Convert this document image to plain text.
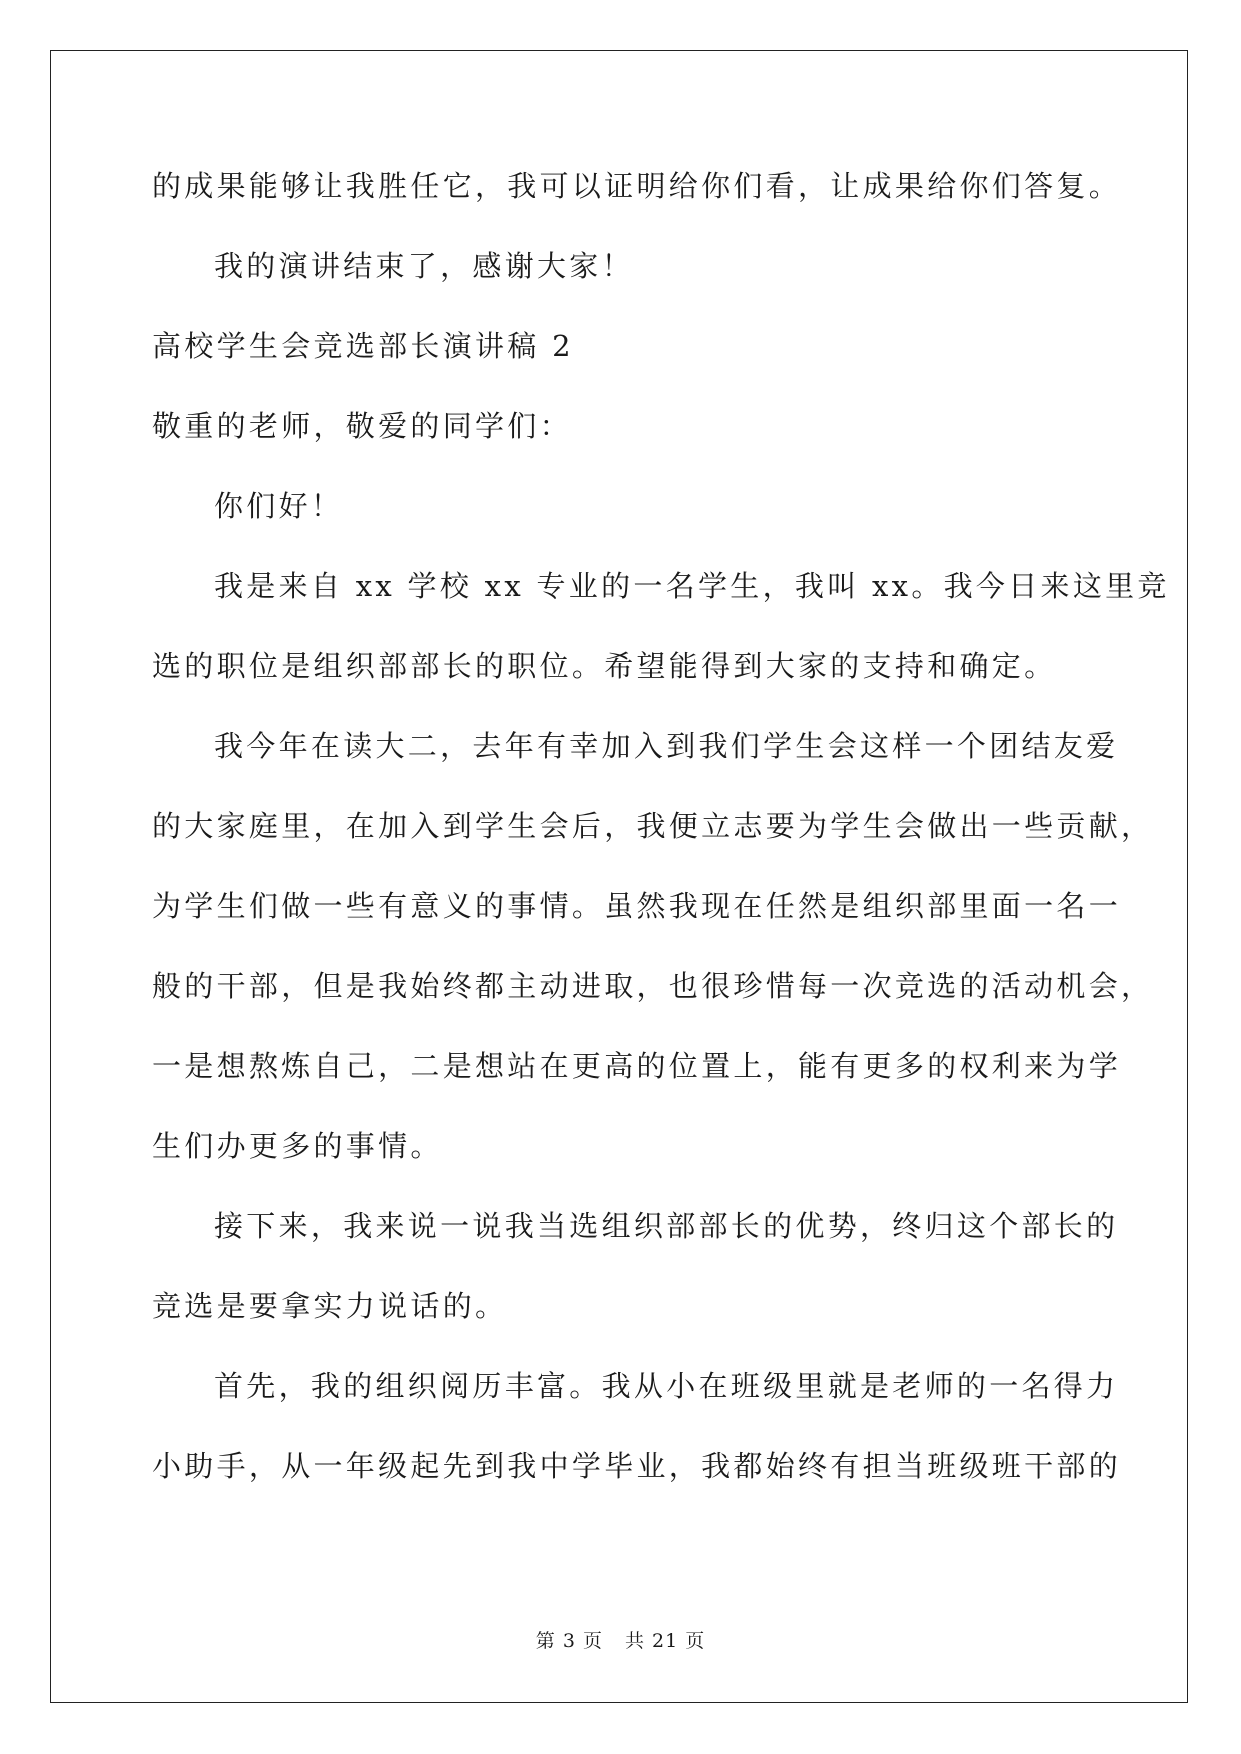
的成果能够让我胜任它，我可以证明给你们看，让成果给你们答复。
我的演讲结束了，感谢大家！
高校学生会竞选部长演讲稿 2
敬重的老师，敬爱的同学们：
你们好！
我是来自 xx 学校 xx 专业的一名学生，我叫 xx。我今日来这里竞
选的职位是组织部部长的职位。希望能得到大家的支持和确定。
我今年在读大二，去年有幸加入到我们学生会这样一个团结友爱
的大家庭里，在加入到学生会后，我便立志要为学生会做出一些贡献，
为学生们做一些有意义的事情。虽然我现在任然是组织部里面一名一
般的干部，但是我始终都主动进取，也很珍惜每一次竞选的活动机会，
一是想熬炼自己，二是想站在更高的位置上，能有更多的权利来为学
生们办更多的事情。
接下来，我来说一说我当选组织部部长的优势，终归这个部长的
竞选是要拿实力说话的。
首先，我的组织阅历丰富。我从小在班级里就是老师的一名得力
小助手，从一年级起先到我中学毕业，我都始终有担当班级班干部的
第 3 页 共 21 页
